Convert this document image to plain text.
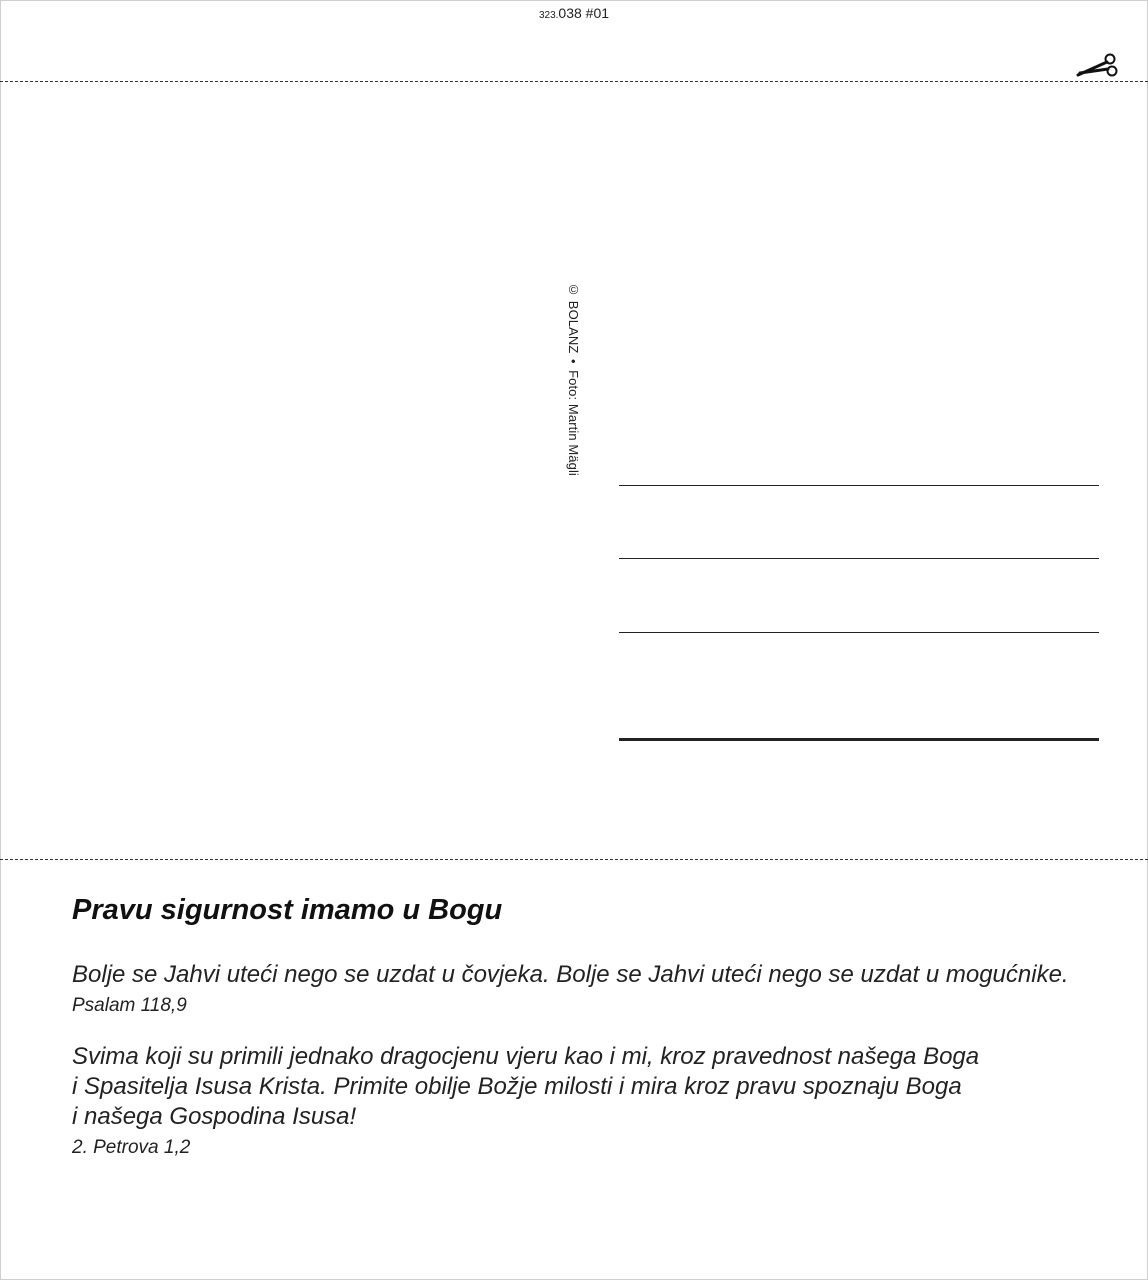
323.038 #01
© BOLANZ•Foto: Martin Mägli
Pravu sigurnost imamo u Bogu
Bolje se Jahvi uteći nego se uzdat u čovjeka. Bolje se Jahvi uteći nego se uzdat u mogućnike.
Psalam 118,9
Svima koji su primili jednako dragocjenu vjeru kao i mi, kroz pravednost našega Boga
i Spasitelja Isusa Krista. Primite obilje Božje milosti i mira kroz pravu spoznaju Boga
i našega Gospodina Isusa!
2. Petrova 1,2
